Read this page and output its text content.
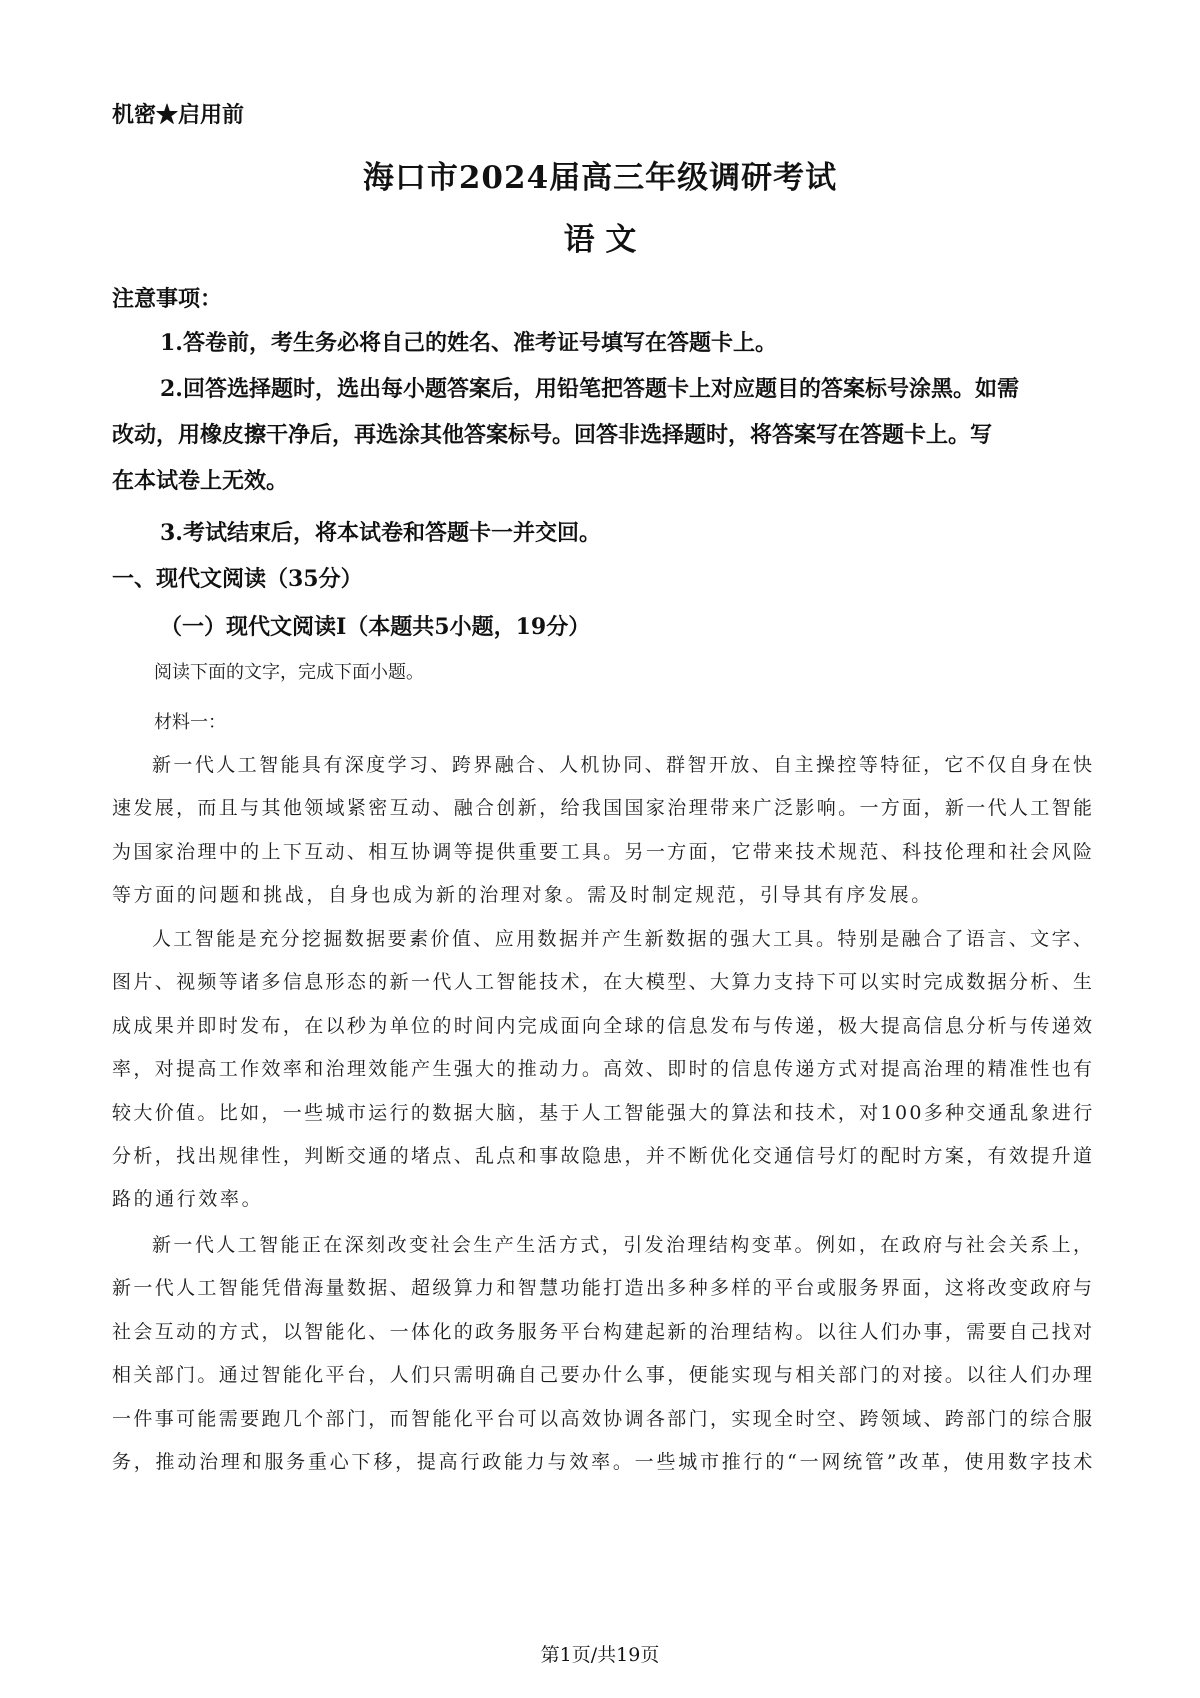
机密★启用前
海口市2024届高三年级调研考试
语 文
注意事项：
1.答卷前，考生务必将自己的姓名、准考证号填写在答题卡上。
2.回答选择题时，选出每小题答案后，用铅笔把答题卡上对应题目的答案标号涂黑。如需
改动，用橡皮擦干净后，再选涂其他答案标号。回答非选择题时，将答案写在答题卡上。写
在本试卷上无效。
3.考试结束后，将本试卷和答题卡一并交回。
一、现代文阅读（35分）
（一）现代文阅读Ⅰ（本题共5小题，19分）
阅读下面的文字，完成下面小题。
材料一：
新一代人工智能具有深度学习、跨界融合、人机协同、群智开放、自主操控等特征，它不仅自身在快
速发展，而且与其他领域紧密互动、融合创新，给我国国家治理带来广泛影响。一方面，新一代人工智能
为国家治理中的上下互动、相互协调等提供重要工具。另一方面，它带来技术规范、科技伦理和社会风险
等方面的问题和挑战，自身也成为新的治理对象。需及时制定规范，引导其有序发展。
人工智能是充分挖掘数据要素价值、应用数据并产生新数据的强大工具。特别是融合了语言、文字、
图片、视频等诸多信息形态的新一代人工智能技术，在大模型、大算力支持下可以实时完成数据分析、生
成成果并即时发布，在以秒为单位的时间内完成面向全球的信息发布与传递，极大提高信息分析与传递效
率，对提高工作效率和治理效能产生强大的推动力。高效、即时的信息传递方式对提高治理的精准性也有
较大价值。比如，一些城市运行的数据大脑，基于人工智能强大的算法和技术，对100多种交通乱象进行
分析，找出规律性，判断交通的堵点、乱点和事故隐患，并不断优化交通信号灯的配时方案，有效提升道
路的通行效率。
新一代人工智能正在深刻改变社会生产生活方式，引发治理结构变革。例如，在政府与社会关系上，
新一代人工智能凭借海量数据、超级算力和智慧功能打造出多种多样的平台或服务界面，这将改变政府与
社会互动的方式，以智能化、一体化的政务服务平台构建起新的治理结构。以往人们办事，需要自己找对
相关部门。通过智能化平台，人们只需明确自己要办什么事，便能实现与相关部门的对接。以往人们办理
一件事可能需要跑几个部门，而智能化平台可以高效协调各部门，实现全时空、跨领域、跨部门的综合服
务，推动治理和服务重心下移，提高行政能力与效率。一些城市推行的“一网统管”改革，使用数字技术
第1页/共19页
